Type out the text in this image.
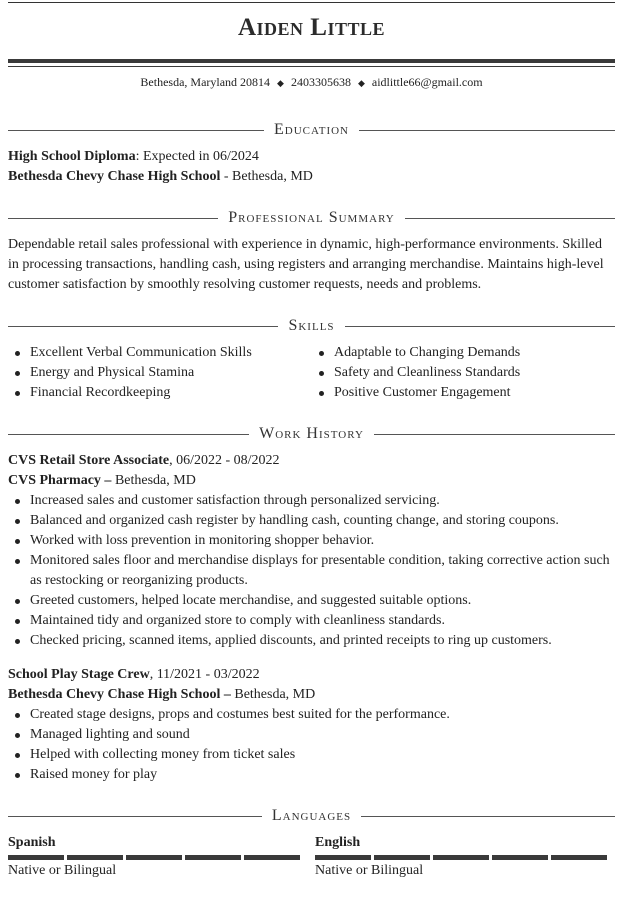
Aiden Little
Bethesda, Maryland 20814 ◆ 2403305638 ◆ aidlittle66@gmail.com
Education
High School Diploma: Expected in 06/2024
Bethesda Chevy Chase High School - Bethesda, MD
Professional Summary
Dependable retail sales professional with experience in dynamic, high-performance environments. Skilled in processing transactions, handling cash, using registers and arranging merchandise. Maintains high-level customer satisfaction by smoothly resolving customer requests, needs and problems.
Skills
Excellent Verbal Communication Skills
Energy and Physical Stamina
Financial Recordkeeping
Adaptable to Changing Demands
Safety and Cleanliness Standards
Positive Customer Engagement
Work History
CVS Retail Store Associate, 06/2022 - 08/2022
CVS Pharmacy – Bethesda, MD
Increased sales and customer satisfaction through personalized servicing.
Balanced and organized cash register by handling cash, counting change, and storing coupons.
Worked with loss prevention in monitoring shopper behavior.
Monitored sales floor and merchandise displays for presentable condition, taking corrective action such as restocking or reorganizing products.
Greeted customers, helped locate merchandise, and suggested suitable options.
Maintained tidy and organized store to comply with cleanliness standards.
Checked pricing, scanned items, applied discounts, and printed receipts to ring up customers.
School Play Stage Crew, 11/2021 - 03/2022
Bethesda Chevy Chase High School – Bethesda, MD
Created stage designs, props and costumes best suited for the performance.
Managed lighting and sound
Helped with collecting money from ticket sales
Raised money for play
Languages
Spanish
Native or Bilingual
English
Native or Bilingual
